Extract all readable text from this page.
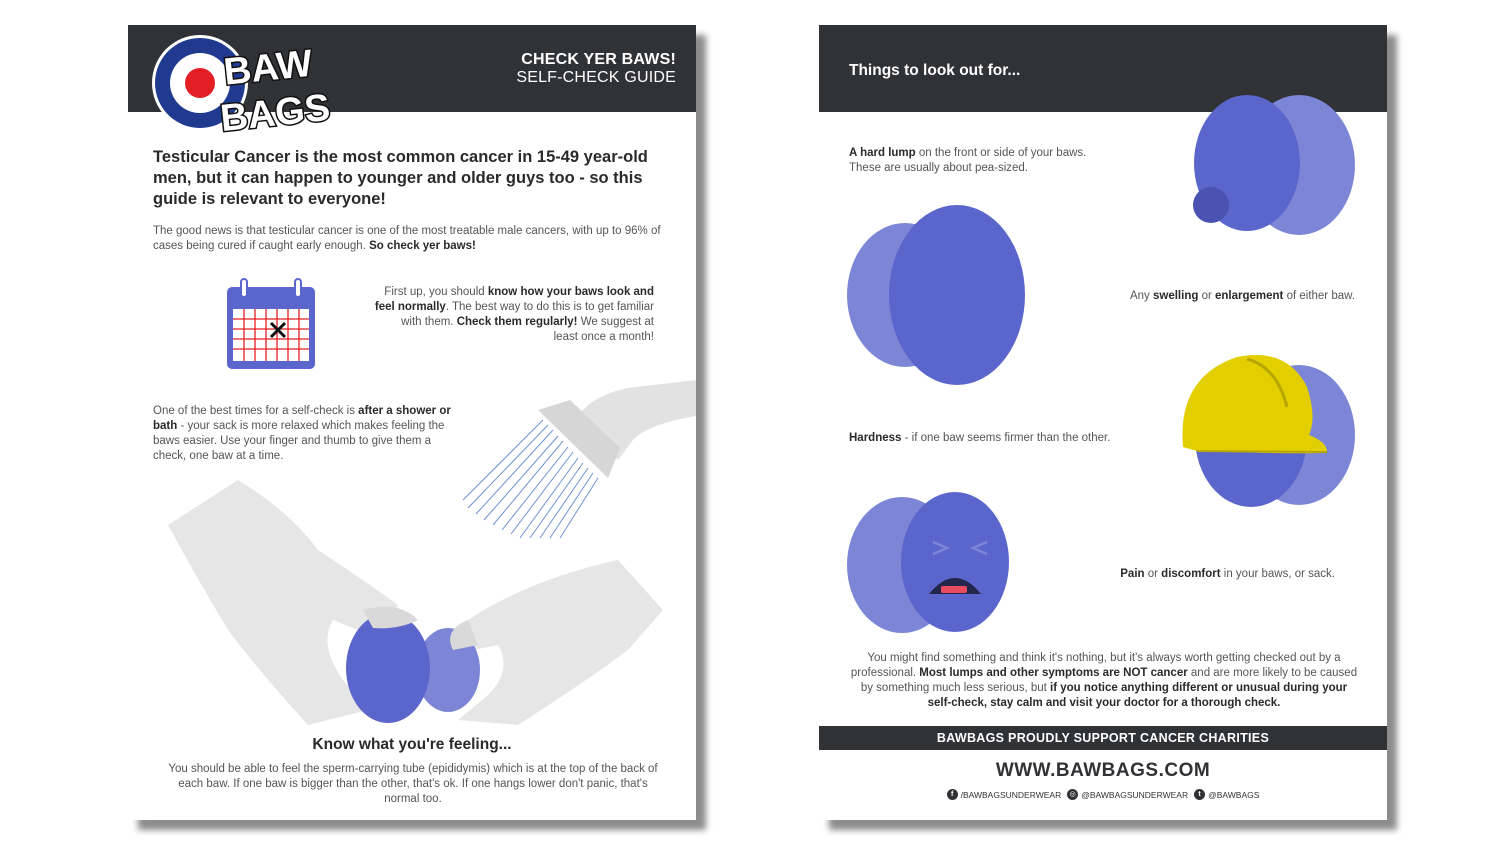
BAW
BAGS
CHECK YER BAWS!
SELF-CHECK GUIDE
Testicular Cancer is the most common cancer in 15-49 year-old men, but it can happen to younger and older guys too - so this guide is relevant to everyone!
The good news is that testicular cancer is one of the most treatable male cancers, with up to 96% of cases being cured if caught early enough. So check yer baws!
First up, you should know how your baws look and feel normally. The best way to do this is to get familiar with them. Check them regularly! We suggest at least once a month!
One of the best times for a self-check is after a shower or bath - your sack is more relaxed which makes feeling the baws easier. Use your finger and thumb to give them a check, one baw at a time.
Know what you're feeling...
You should be able to feel the sperm-carrying tube (epididymis) which is at the top of the back of each baw. If one baw is bigger than the other, that's ok. If one hangs lower don't panic, that's normal too.
Things to look out for...
A hard lump on the front or side of your baws.
These are usually about pea-sized.
Any swelling or enlargement of either baw.
Hardness - if one baw seems firmer than the other.
Pain or discomfort in your baws, or sack.
You might find something and think it's nothing, but it's always worth getting checked out by a professional. Most lumps and other symptoms are NOT cancer and are more likely to be caused by something much less serious, but if you notice anything different or unusual during your self-check, stay calm and visit your doctor for a thorough check.
BAWBAGS PROUDLY SUPPORT CANCER CHARITIES
WWW.BAWBAGS.COM
f /BAWBAGSUNDERWEAR	◎ @BAWBAGSUNDERWEAR	t @BAWBAGS
